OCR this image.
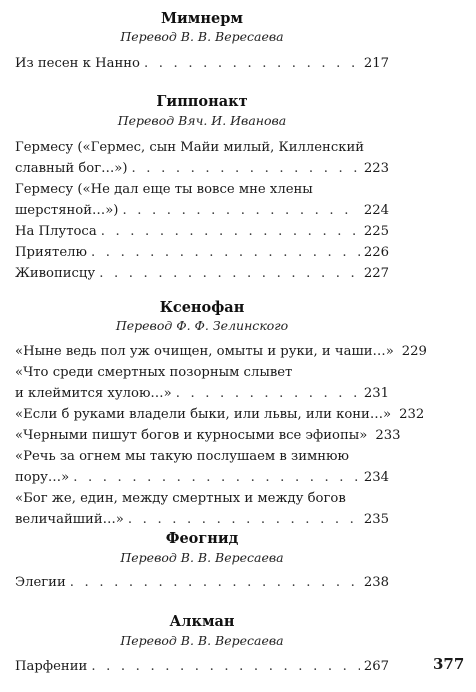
Мимнерм
Перевод В. В. Вересаева
Из песен к Нанно . . .	217
Гиппонакт
Перевод Вяч. И. Иванова
Гермесу («Гермес, сын Майи милый, Килленский
славный бог…») . . .	223
Гермесу («Не дал еще ты вовсе мне хлены
шерстяной…») . . .	224
На Плутоса . . .	225
Приятелю . . .	226
Живописцу . . .	227
Ксенофан
Перевод Ф. Ф. Зелинского
«Ныне ведь пол уж очищен, омыты и руки, и чаши…» 229
«Что среди смертных позорным слывет
и клеймится хулою…» . . .	231
«Если б руками владели быки, или львы, или кони…» 232
«Черными пишут богов и курносыми все эфиопы» 233
«Речь за огнем мы такую послушаем в зимнюю
пору…» . . .	234
«Бог же, един, между смертных и между богов
величайший…» . . .	235
Феогнид
Перевод В. В. Вересаева
Элегии . . .	238
Алкман
Перевод В. В. Вересаева
Парфении . . .	267	377
